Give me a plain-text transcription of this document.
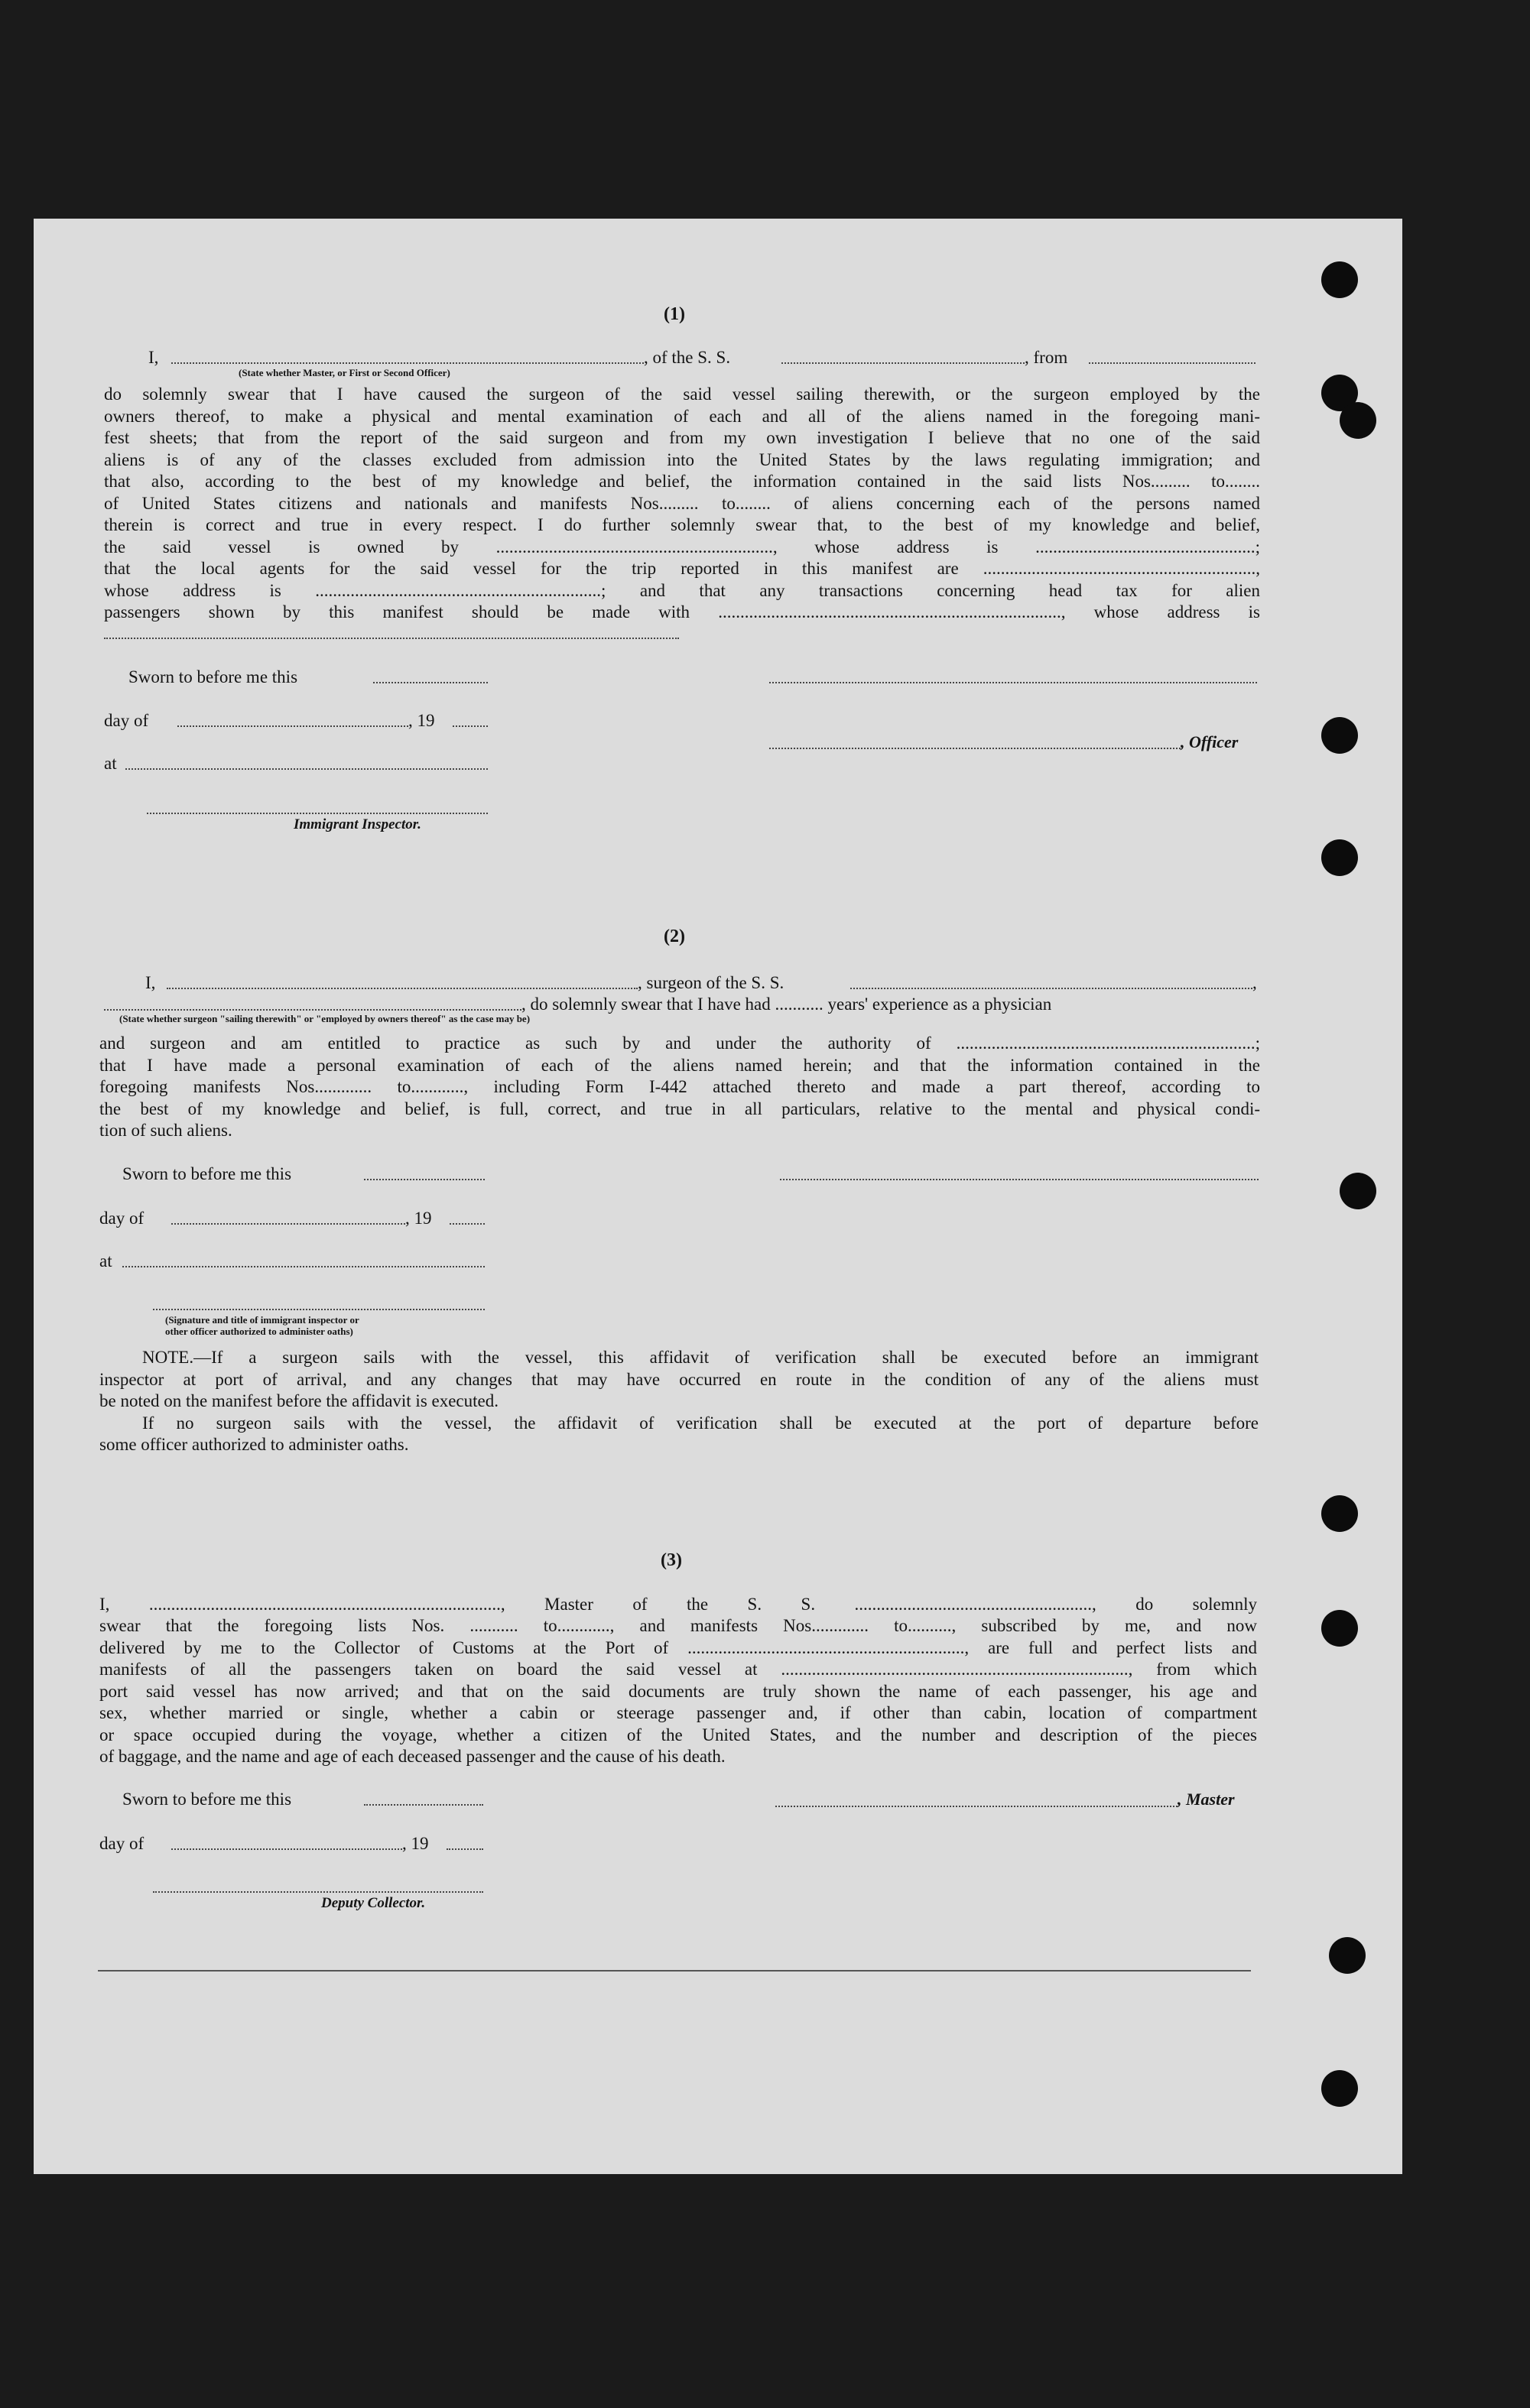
(1)
I,	, of the S. S.	, from
(State whether Master, or First or Second Officer)
do solemnly swear that I have caused the surgeon of the said vessel sailing therewith, or the surgeon employed by the
owners thereof, to make a physical and mental examination of each and all of the aliens named in the foregoing mani-
fest sheets; that from the report of the said surgeon and from my own investigation I believe that no one of the said
aliens is of any of the classes excluded from admission into the United States by the laws regulating immigration; and
that also, according to the best of my knowledge and belief, the information contained in the said lists Nos......... to........
of United States citizens and nationals and manifests Nos......... to........ of aliens concerning each of the persons named
therein is correct and true in every respect. I do further solemnly swear that, to the best of my knowledge and belief,
the said vessel is owned by ..............................................................., whose address is ..................................................;
that the local agents for the said vessel for the trip reported in this manifest are ..............................................................,
whose address is .................................................................; and that any transactions concerning head tax for alien
passengers shown by this manifest should be made with .............................................................................., whose address is
Sworn to before me this
day of	, 19
, Officer
at
Immigrant Inspector.
(2)
I,	, surgeon of the S. S.	,
, do solemnly swear that I have had ........... years' experience as a physician
(State whether surgeon "sailing therewith" or "employed by owners thereof" as the case may be)
and surgeon and am entitled to practice as such by and under the authority of ....................................................................;
that I have made a personal examination of each of the aliens named herein; and that the information contained in the
foregoing manifests Nos............. to............, including Form I-442 attached thereto and made a part thereof, according to
the best of my knowledge and belief, is full, correct, and true in all particulars, relative to the mental and physical condi-
tion of such aliens.
Sworn to before me this
day of	, 19
at
(Signature and title of immigrant inspector or
other officer authorized to administer oaths)
NOTE.—If a surgeon sails with the vessel, this affidavit of verification shall be executed before an immigrant
inspector at port of arrival, and any changes that may have occurred en route in the condition of any of the aliens must
be noted on the manifest before the affidavit is executed.
If no surgeon sails with the vessel, the affidavit of verification shall be executed at the port of departure before
some officer authorized to administer oaths.
(3)
I, ................................................................................, Master of the S. S. ......................................................, do solemnly
swear that the foregoing lists Nos. ........... to............, and manifests Nos............. to.........., subscribed by me, and now
delivered by me to the Collector of Customs at the Port of ..............................................................., are full and perfect lists and
manifests of all the passengers taken on board the said vessel at ..............................................................................., from which
port said vessel has now arrived; and that on the said documents are truly shown the name of each passenger, his age and
sex, whether married or single, whether a cabin or steerage passenger and, if other than cabin, location of compartment
or space occupied during the voyage, whether a citizen of the United States, and the number and description of the pieces
of baggage, and the name and age of each deceased passenger and the cause of his death.
Sworn to before me this	, Master
day of	, 19
Deputy Collector.
